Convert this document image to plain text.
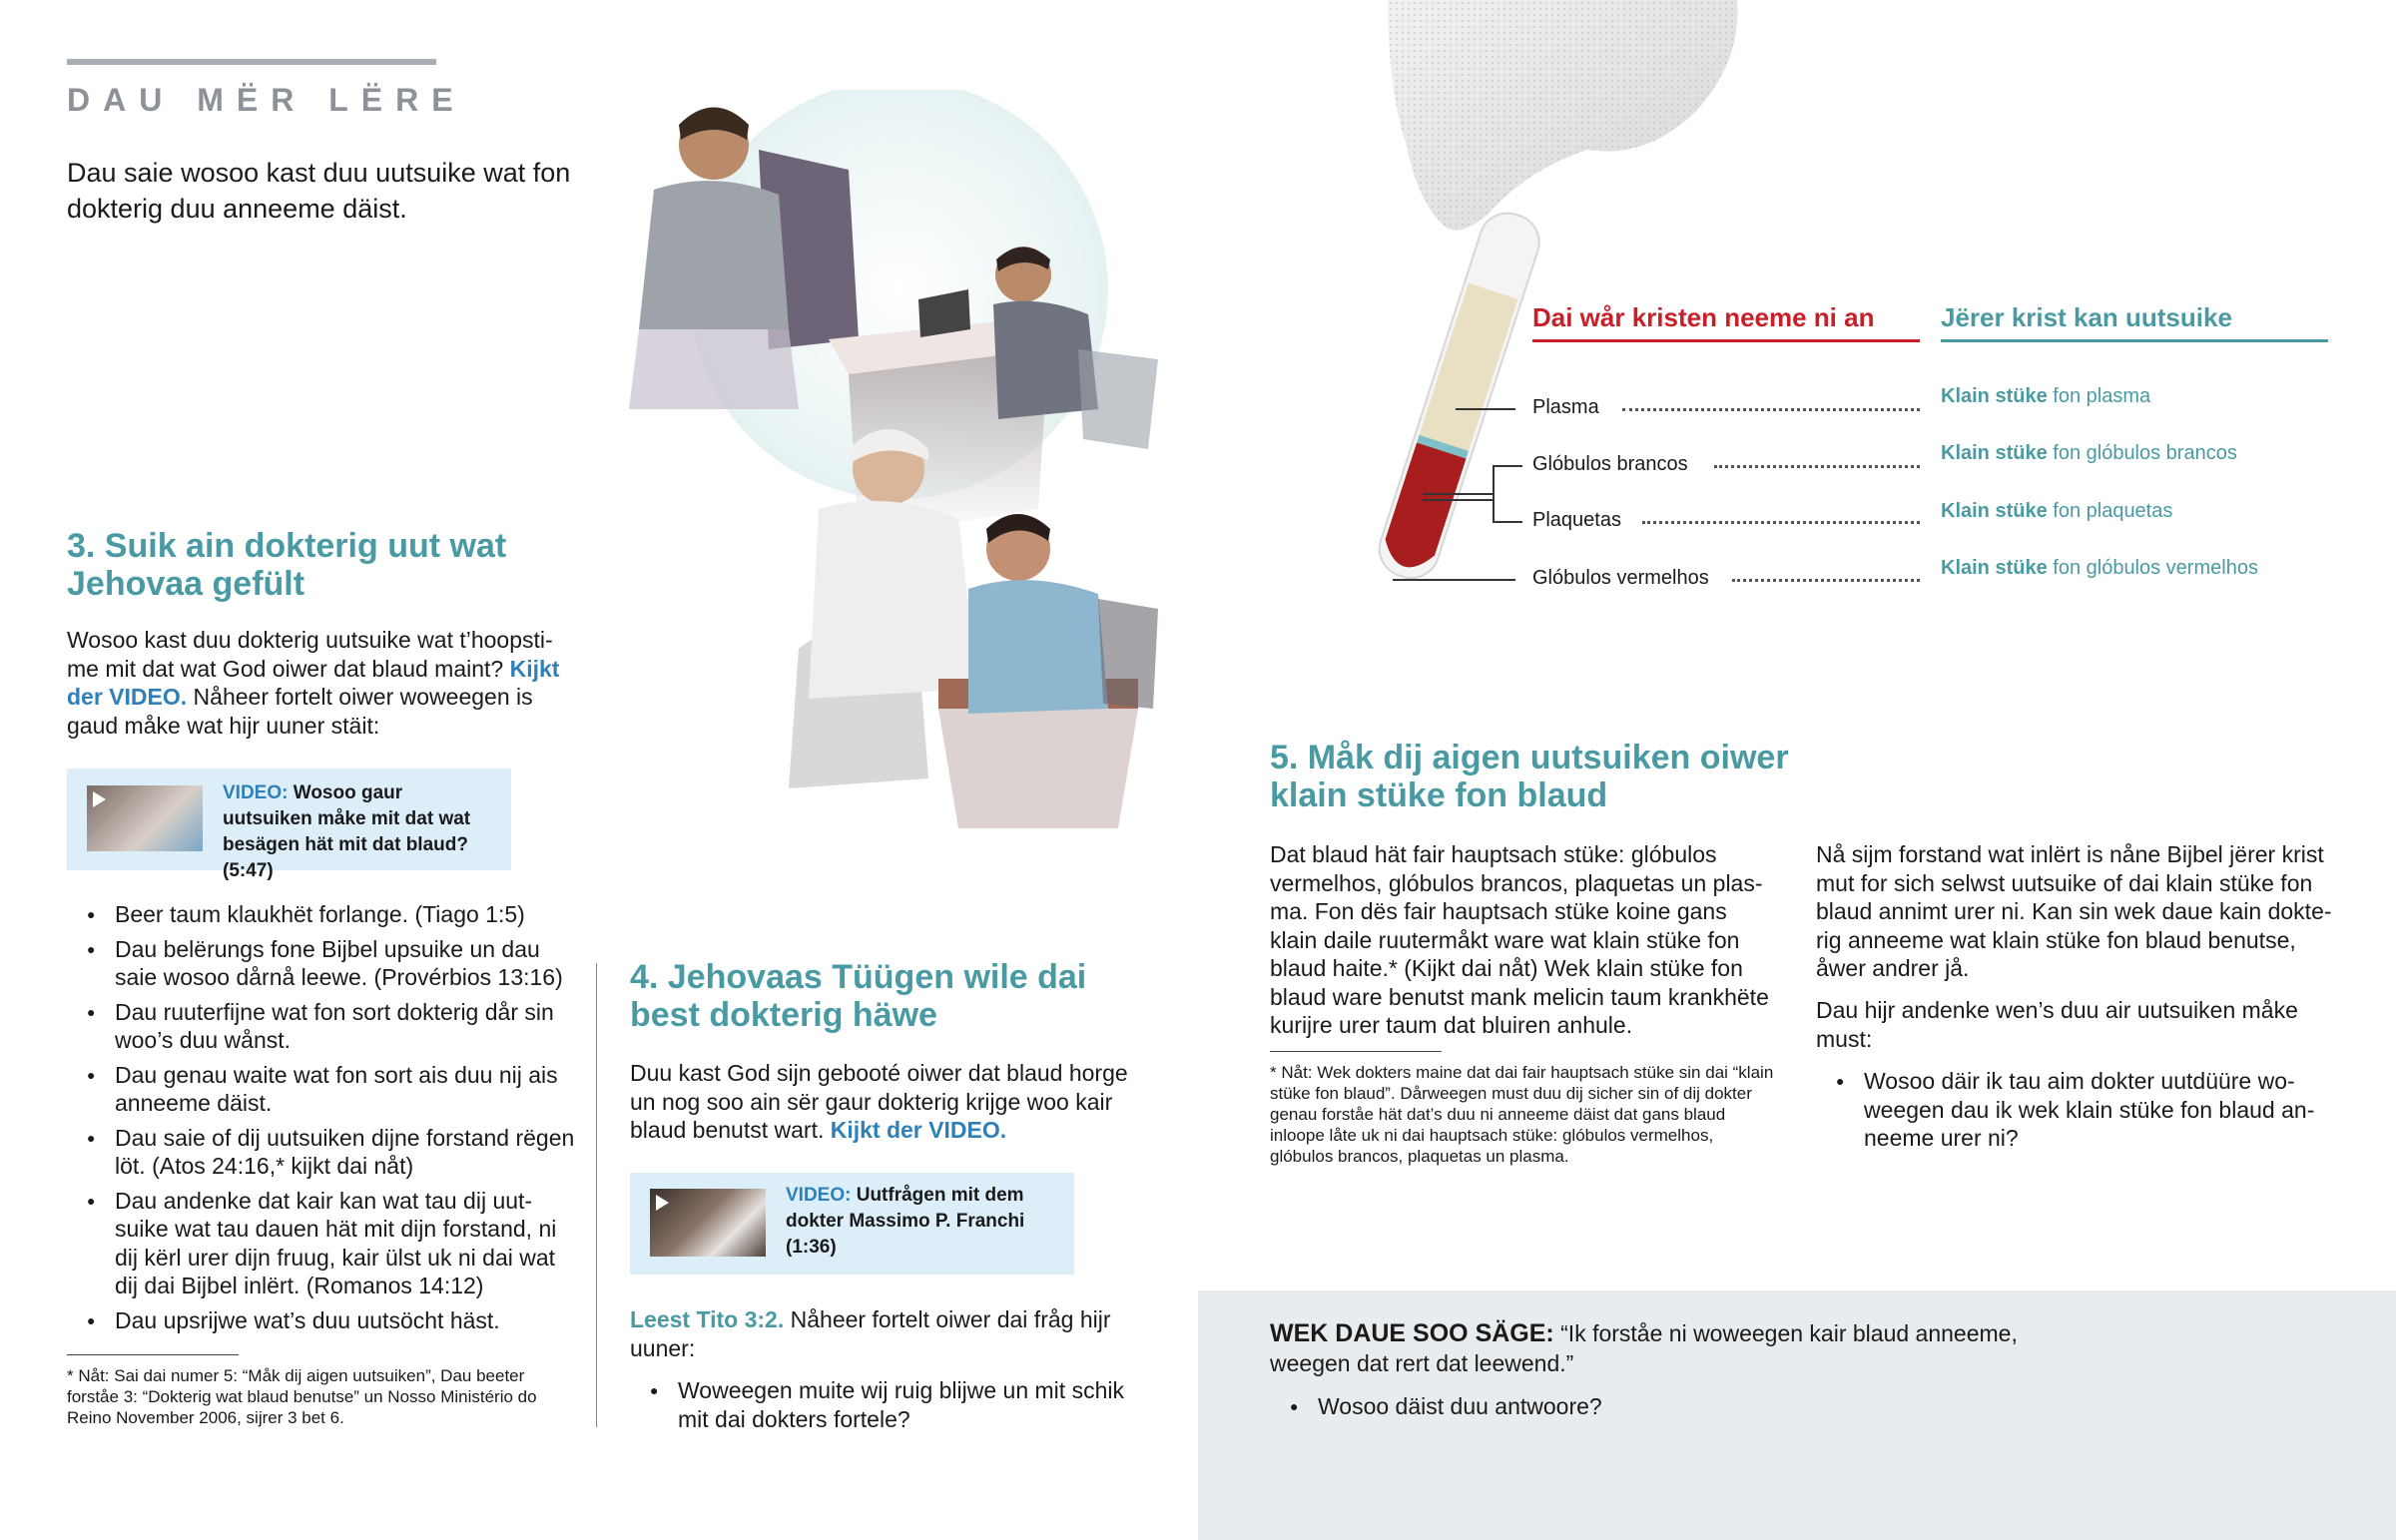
DAU MËR LËRE
Dau saie wosoo kast duu uutsuike wat fon dokterig duu anneeme däist.
3. Suik ain dokterig uut wat Jehovaa gefült

Wosoo kast duu dokterig uutsuike wat t’hoopstime mit dat wat God oiwer dat blaud maint? Kijkt der VIDEO. Nåheer fortelt oiwer woweegen is gaud måke wat hijr uuner stäit:

VIDEO: Wosoo gaur uutsuiken måke mit dat wat besägen hät mit dat blaud? (5:47)
● Beer taum klaukhët forlange. (Tiago 1:5)
● Dau belërungs fone Bijbel upsuike un dau saie wosoo dårnå leewe. (Provérbios 13:16)
● Dau ruuterfijne wat fon sort dokterig dår sin woo’s duu wånst.
● Dau genau waite wat fon sort ais duu nij ais anneeme däist.
● Dau saie of dij uutsuiken dijne forstand rëgen löt. (Atos 24:16,* kijkt dai nåt)
● Dau andenke dat kair kan wat tau dij uutsuike wat tau dauen hät mit dijn forstand, ni dij kërl urer dijn fruug, kair ülst uk ni dai wat dij dai Bijbel inlërt. (Romanos 14:12)
● Dau upsrijwe wat’s duu uutsöcht häst.
* Nåt: Sai dai numer 5: “Måk dij aigen uutsuiken”, Dau beeter forståe 3: “Dokterig wat blaud benutse” un Nosso Ministério do Reino November 2006, sijrer 3 bet 6.
4. Jehovaas Tüügen wile dai best dokterig häwe

Duu kast God sijn gebooté oiwer dat blaud horge un nog soo ain sër gaur dokterig krijge woo kair blaud benutst wart. Kijkt der VIDEO.

VIDEO: Uutfrågen mit dem dokter Massimo P. Franchi (1:36)

Leest Tito 3:2. Nåheer fortelt oiwer dai fråg hijr uuner:

● Woweegen muite wij ruig blijwe un mit schik mit dai dokters fortele?
Dai wår kristen neeme ni an	Jërer krist kan uutsuike
Plasma
Glóbulos brancos
Plaquetas
Glóbulos vermelhos
Klain stüke fon plasma
Klain stüke fon glóbulos brancos
Klain stüke fon plaquetas
Klain stüke fon glóbulos vermelhos
5. Måk dij aigen uutsuiken oiwer klain stüke fon blaud

Dat blaud hät fair hauptsach stüke: glóbulos vermelhos, glóbulos brancos, plaquetas un plasma. Fon dës fair hauptsach stüke koine gans klain daile ruutermåkt ware wat klain stüke fon blaud haite.* (Kijkt dai nåt) Wek klain stüke fon blaud ware benutst mank melicin taum krankhëte kurijre urer taum dat bluiren anhule.

* Nåt: Wek dokters maine dat dai fair hauptsach stüke sin dai “klain stüke fon blaud”. Dårweegen must duu dij sicher sin of dij dokter genau forståe hät dat’s duu ni anneeme däist dat gans blaud inloope låte uk ni dai hauptsach stüke: glóbulos vermelhos, glóbulos brancos, plaquetas un plasma.

Nå sijm forstand wat inlërt is nåne Bijbel jërer krist mut for sich selwst uutsuike of dai klain stüke fon blaud annimt urer ni. Kan sin wek daue kain dokterig anneeme wat klain stüke fon blaud benutse, åwer andrer jå.

Dau hijr andenke wen’s duu air uutsuiken måke must:

● Wosoo däir ik tau aim dokter uutdüüre woweegen dau ik wek klain stüke fon blaud anneeme urer ni?

WEK DAUE SOO SÄGE: “Ik forståe ni woweegen kair blaud anneeme, weegen dat rert dat leewend.”

● Wosoo däist duu antwoore?
